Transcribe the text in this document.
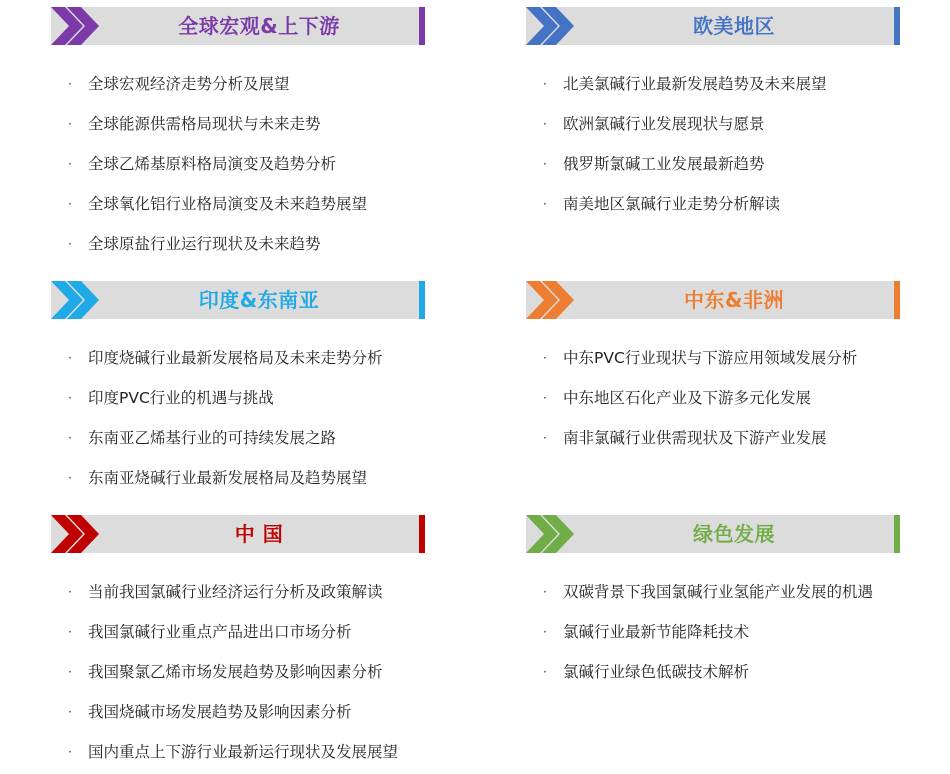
全球宏观&上下游
· 全球宏观经济走势分析及展望
· 全球能源供需格局现状与未来走势
· 全球乙烯基原料格局演变及趋势分析
· 全球氧化铝行业格局演变及未来趋势展望
· 全球原盐行业运行现状及未来趋势
欧美地区
· 北美氯碱行业最新发展趋势及未来展望
· 欧洲氯碱行业发展现状与愿景
· 俄罗斯氯碱工业发展最新趋势
· 南美地区氯碱行业走势分析解读
印度&东南亚
· 印度烧碱行业最新发展格局及未来走势分析
· 印度PVC行业的机遇与挑战
· 东南亚乙烯基行业的可持续发展之路
· 东南亚烧碱行业最新发展格局及趋势展望
中东&非洲
· 中东PVC行业现状与下游应用领域发展分析
· 中东地区石化产业及下游多元化发展
· 南非氯碱行业供需现状及下游产业发展
中 国
· 当前我国氯碱行业经济运行分析及政策解读
· 我国氯碱行业重点产品进出口市场分析
· 我国聚氯乙烯市场发展趋势及影响因素分析
· 我国烧碱市场发展趋势及影响因素分析
· 国内重点上下游行业最新运行现状及发展展望
绿色发展
· 双碳背景下我国氯碱行业氢能产业发展的机遇
· 氯碱行业最新节能降耗技术
· 氯碱行业绿色低碳技术解析
